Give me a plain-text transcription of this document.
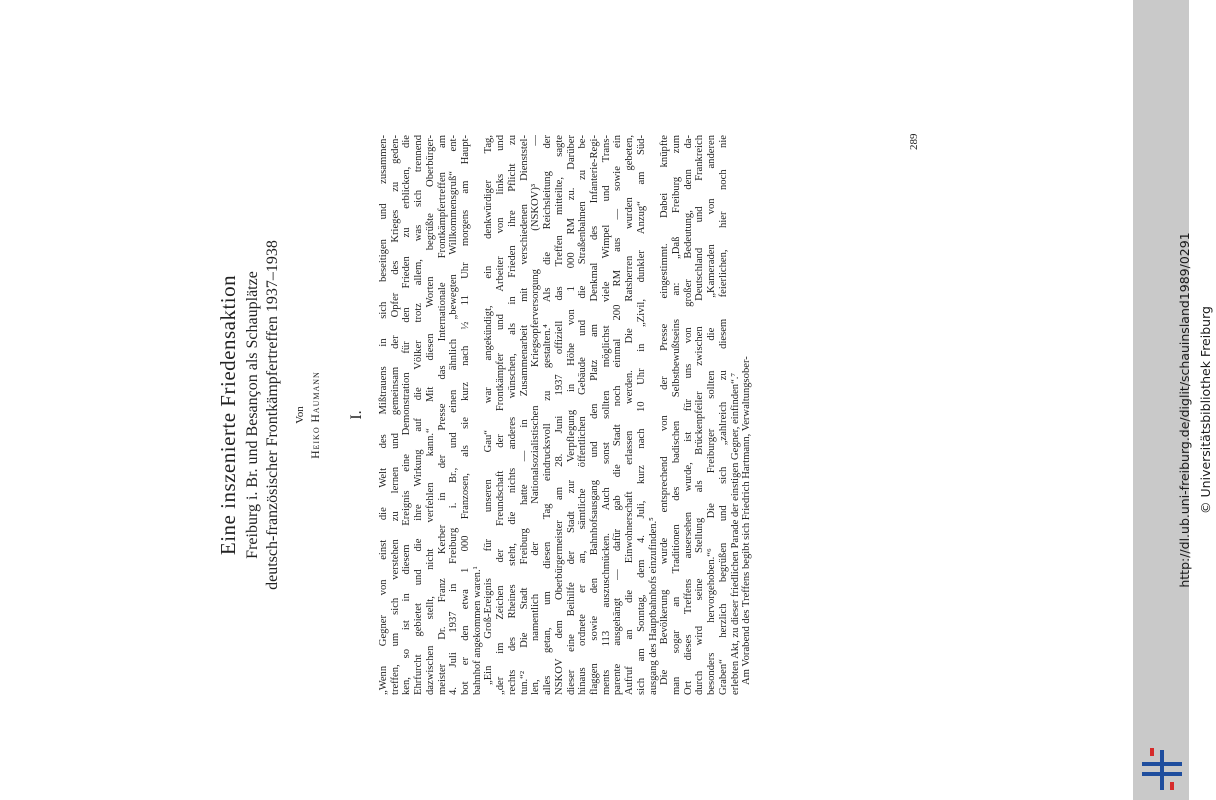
Eine inszenierte Friedensaktion Freiburg i. Br. und Besançon als Schauplätze deutsch-französischer Frontkämpfertreffen 1937–1938 Von Heiko Haumann I. „Wenn Gegner von einst die Welt des Mißtrauens in sich beseitigen und zusammen- treffen, um sich verstehen zu lernen und gemeinsam der Opfer des Krieges zu geden- ken, so ist in diesem Ereignis eine Demonstration für den Frieden zu erblicken, die Ehrfurcht gebietet und die ihre Wirkung auf die Völker trotz allem, was sich trennend dazwischen stellt, nicht verfehlen kann.“ Mit diesen Worten begrüßte Oberbürger- meister Dr. Franz Kerber in der Presse das Internationale Frontkämpfertreffen am 4. Juli 1937 in Freiburg i. Br., und einen ähnlich „bewegten Willkommensgruß“ ent- bot er den etwa 1 000 Franzosen, als sie kurz nach ½ 11 Uhr morgens am Haupt- bahnhof angekommen waren.¹ „Ein Groß-Ereignis für unseren Gau“ war angekündigt, ein denkwürdiger Tag, „der im Zeichen der Freundschaft der Frontkämpfer und Arbeiter von links und rechts des Rheines steht, die nichts anderes wünschen, als in Frieden ihre Pflicht zu tun.“² Die Stadt Freiburg hatte — in Zusammenarbeit mit verschiedenen Dienststel- len, namentlich der Nationalsozialistischen Kriegsopferversorgung (NSKOV)³ — alles getan, um diesen Tag eindrucksvoll zu gestalten.⁴ Als die Reichsleitung der NSKOV dem Oberbürgermeister am 28. Juni 1937 offiziell das Treffen mitteilte, sagte dieser eine Beihilfe der Stadt zur Verpflegung in Höhe von 1 000 RM zu. Darüber hinaus ordnete er an, sämtliche öffentlichen Gebäude und die Straßenbahnen zu be- flaggen sowie den Bahnhofsausgang und den Platz am Denkmal des Infanterie-Regi- ments 113 auszuschmücken. Auch sonst sollten möglichst viele Wimpel und Trans- parente ausgehängt — dafür gab die Stadt noch einmal 200 RM aus — sowie ein Aufruf an die Einwohnerschaft erlassen werden. Die Ratsherren wurden gebeten, sich am Sonntag, dem 4. Juli, kurz nach 10 Uhr in „Zivil, dunkler Anzug“ am Süd- ausgang des Hauptbahnhofs einzufinden.⁵ Die Bevölkerung wurde entsprechend von der Presse eingestimmt. Dabei knüpfte man sogar an Traditionen des badischen Selbstbewußtseins an: „Daß Freiburg zum Ort dieses Treffens ausersehen wurde, ist für uns von großer Bedeutung, denn da- durch wird seine Stellung als Brückenpfeiler zwischen Deutschland und Frankreich besonders hervorgehoben.“⁶ Die Freiburger sollten die „Kameraden von anderen Graben“ herzlich begrüßen und sich „zahlreich zu diesem feierlichen, hier noch nie erlebten Akt, zu dieser friedlichen Parade der einstigen Gegner, einfinden“.⁷ Am Vorabend des Treffens begibt sich Friedrich Hartmann, Verwaltungsober-
289
http://dl.ub.uni-freiburg.de/diglit/schauinsland1989/0291 © Universitätsbibliothek Freiburg
